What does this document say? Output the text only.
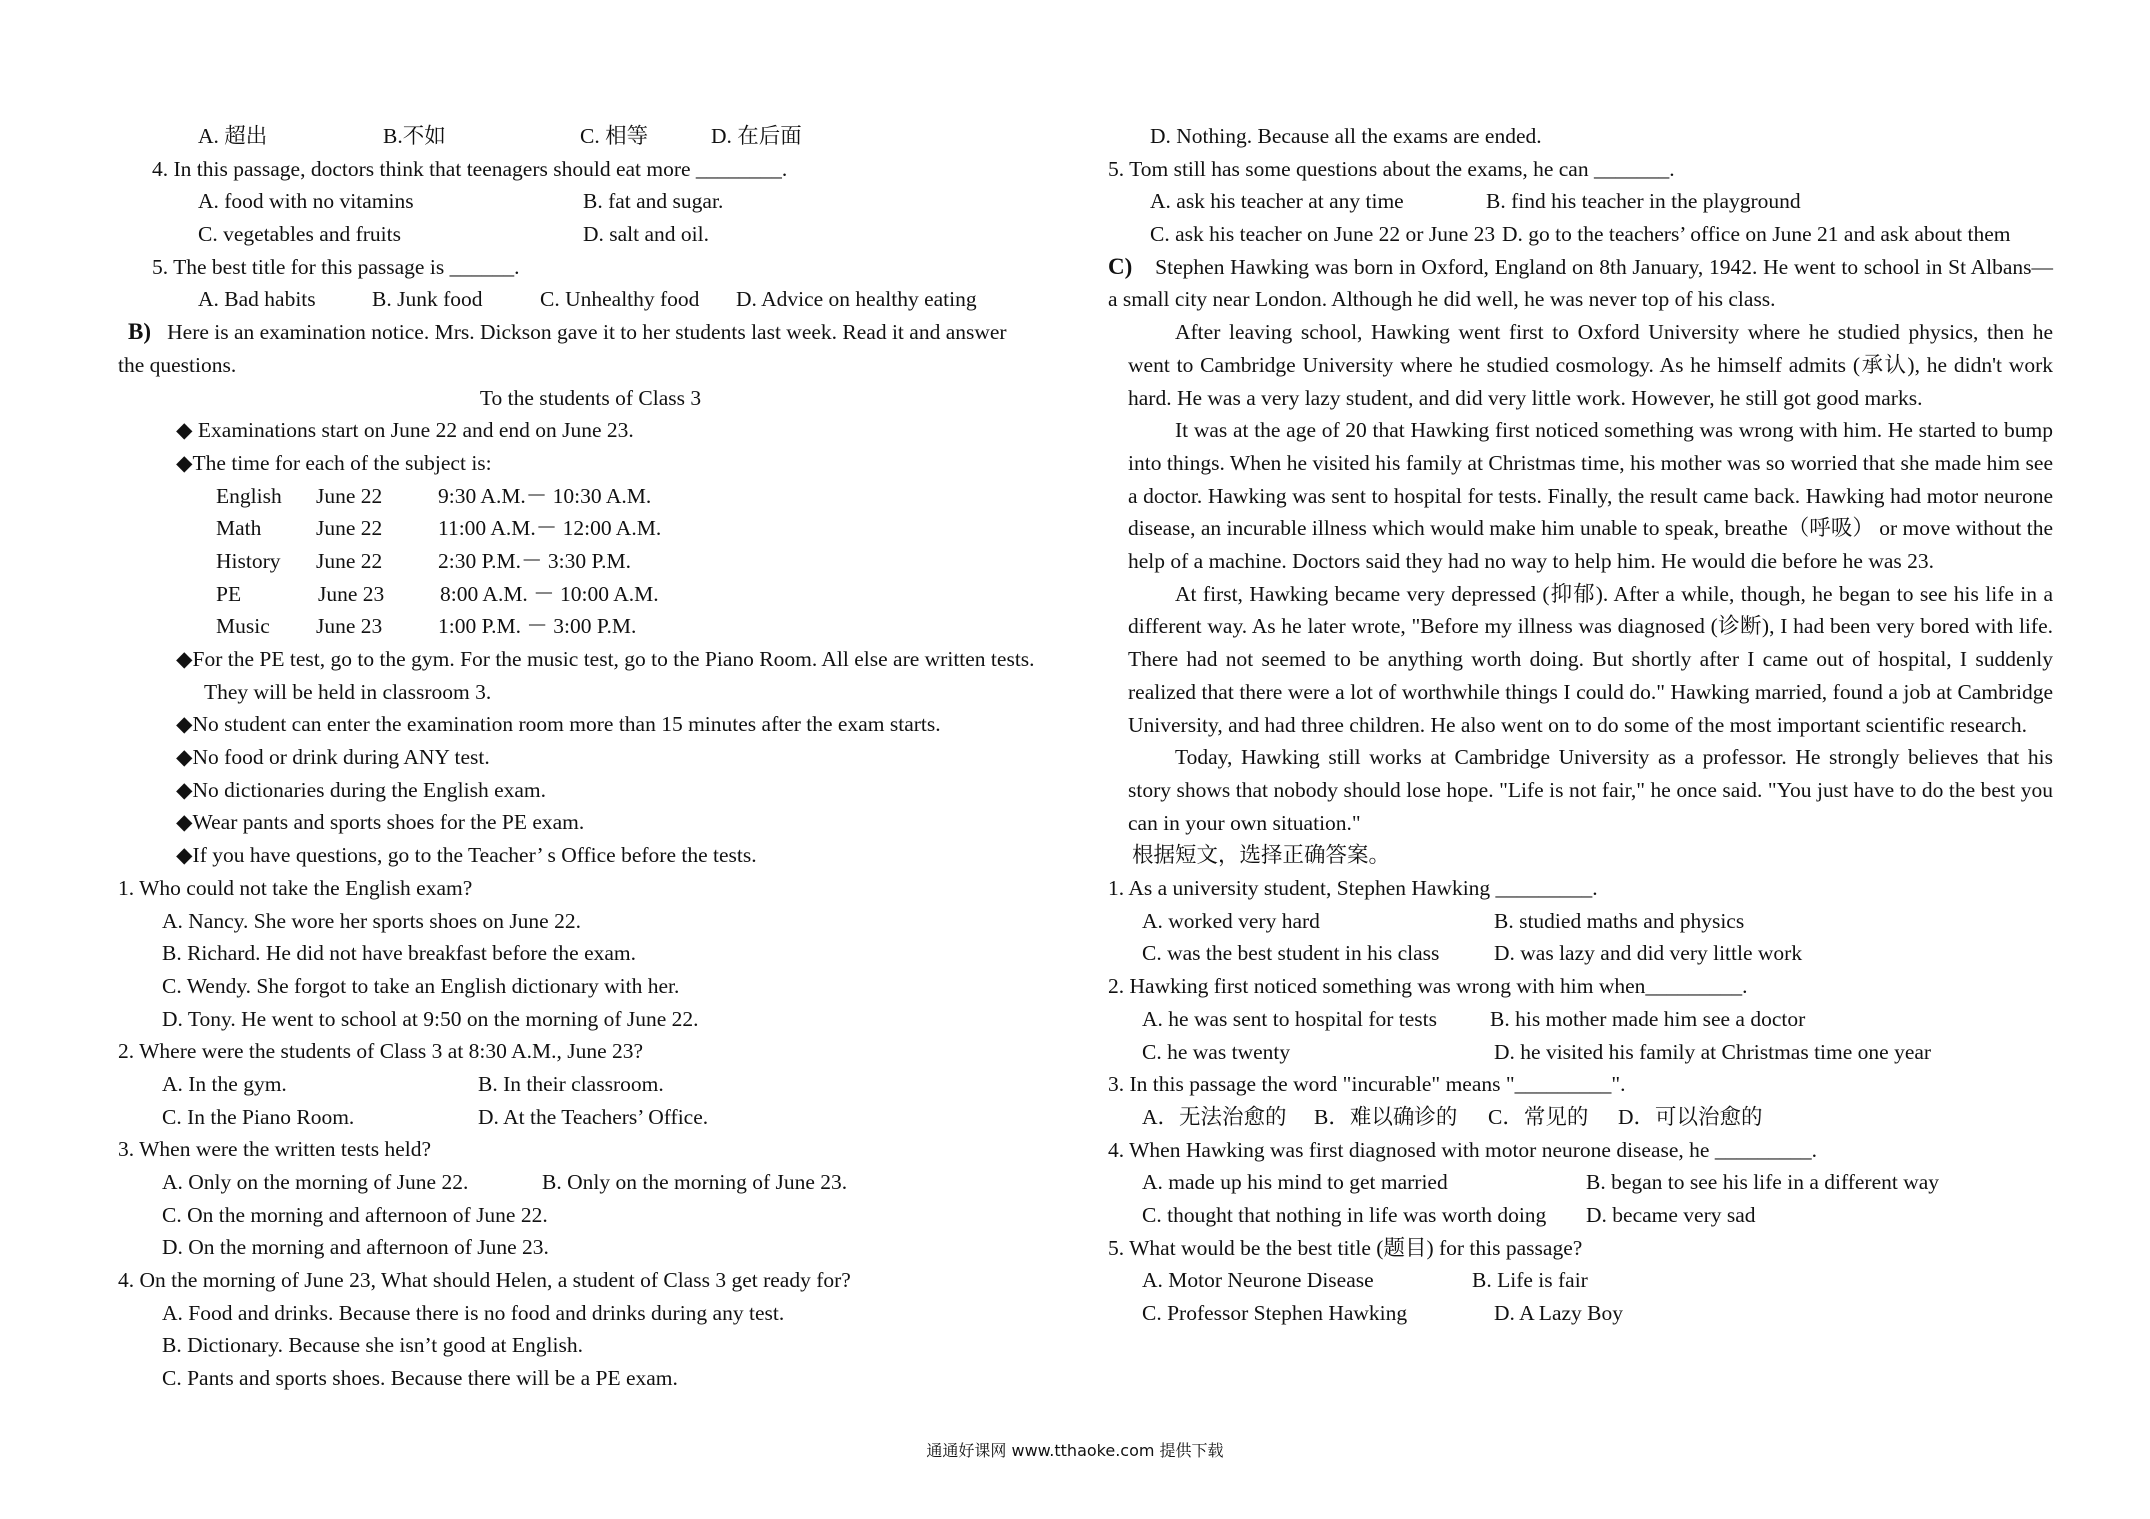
A. 超出	B.不如	C. 相等	D. 在后面
4. In this passage, doctors think that teenagers should eat more ________.
A. food with no vitamins	B. fat and sugar.
C. vegetables and fruits	D. salt and oil.
5. The best title for this passage is ______.
A. Bad habits	B. Junk food	C. Unhealthy food	D. Advice on healthy eating
B) Here is an examination notice. Mrs. Dickson gave it to her students last week. Read it and answer
the questions.
To the students of Class 3
◆ Examinations start on June 22 and end on June 23.
◆The time for each of the subject is:
English	June 22	9:30 A.M.－ 10:30 A.M.
Math	June 22	11:00 A.M.－ 12:00 A.M.
History	June 22	2:30 P.M.－ 3:30 P.M.
PE	June 23	8:00 A.M. － 10:00 A.M.
Music	June 23	1:00 P.M. － 3:00 P.M.
◆For the PE test, go to the gym. For the music test, go to the Piano Room. All else are written tests.
They will be held in classroom 3.
◆No student can enter the examination room more than 15 minutes after the exam starts.
◆No food or drink during ANY test.
◆No dictionaries during the English exam.
◆Wear pants and sports shoes for the PE exam.
◆If you have questions, go to the Teacher’ s Office before the tests.
1. Who could not take the English exam?
A. Nancy. She wore her sports shoes on June 22.
B. Richard. He did not have breakfast before the exam.
C. Wendy. She forgot to take an English dictionary with her.
D. Tony. He went to school at 9:50 on the morning of June 22.
2. Where were the students of Class 3 at 8:30 A.M., June 23?
A. In the gym.	B. In their classroom.
C. In the Piano Room.	D. At the Teachers’ Office.
3. When were the written tests held?
A. Only on the morning of June 22.	B. Only on the morning of June 23.
C. On the morning and afternoon of June 22.
D. On the morning and afternoon of June 23.
4. On the morning of June 23, What should Helen, a student of Class 3 get ready for?
A. Food and drinks. Because there is no food and drinks during any test.
B. Dictionary. Because she isn’t good at English.
C. Pants and sports shoes. Because there will be a PE exam.
D. Nothing. Because all the exams are ended.
5. Tom still has some questions about the exams, he can _______.
A. ask his teacher at any time	B. find his teacher in the playground
C. ask his teacher on June 22 or June 23 D. go to the teachers’ office on June 21 and ask about them

C) Stephen Hawking was born in Oxford, England on 8th January, 1942. He went to school in St Albans—a small city near London. Although he did well, he was never top of his class.

After leaving school, Hawking went first to Oxford University where he studied physics, then he went to Cambridge University where he studied cosmology. As he himself admits (承认), he didn't work hard. He was a very lazy student, and did very little work. However, he still got good marks.

It was at the age of 20 that Hawking first noticed something was wrong with him. He started to bump into things. When he visited his family at Christmas time, his mother was so worried that she made him see a doctor. Hawking was sent to hospital for tests. Finally, the result came back. Hawking had motor neurone disease, an incurable illness which would make him unable to speak, breathe（呼吸） or move without the help of a machine. Doctors said they had no way to help him. He would die before he was 23.

At first, Hawking became very depressed (抑郁). After a while, though, he began to see his life in a different way. As he later wrote, "Before my illness was diagnosed (诊断), I had been very bored with life. There had not seemed to be anything worth doing. But shortly after I came out of hospital, I suddenly realized that there were a lot of worthwhile things I could do." Hawking married, found a job at Cambridge University, and had three children. He also went on to do some of the most important scientific research.

Today, Hawking still works at Cambridge University as a professor. He strongly believes that his story shows that nobody should lose hope. "Life is not fair," he once said. "You just have to do the best you can in your own situation."

根据短文，选择正确答案。
1. As a university student, Stephen Hawking _________.
A. worked very hard	B. studied maths and physics
C. was the best student in his class	D. was lazy and did very little work
2. Hawking first noticed something was wrong with him when_________.
A. he was sent to hospital for tests	B. his mother made him see a doctor
C. he was twenty	D. he visited his family at Christmas time one year
3. In this passage the word "incurable" means "_________".
A．无法治愈的	B．难以确诊的	C．常见的	D．可以治愈的
4. When Hawking was first diagnosed with motor neurone disease, he _________.
A. made up his mind to get married	B. began to see his life in a different way
C. thought that nothing in life was worth doing	D. became very sad
5. What would be the best title (题目) for this passage?
A. Motor Neurone Disease	B. Life is fair
C. Professor Stephen Hawking	D. A Lazy Boy
通通好课网 www.tthaoke.com 提供下载
